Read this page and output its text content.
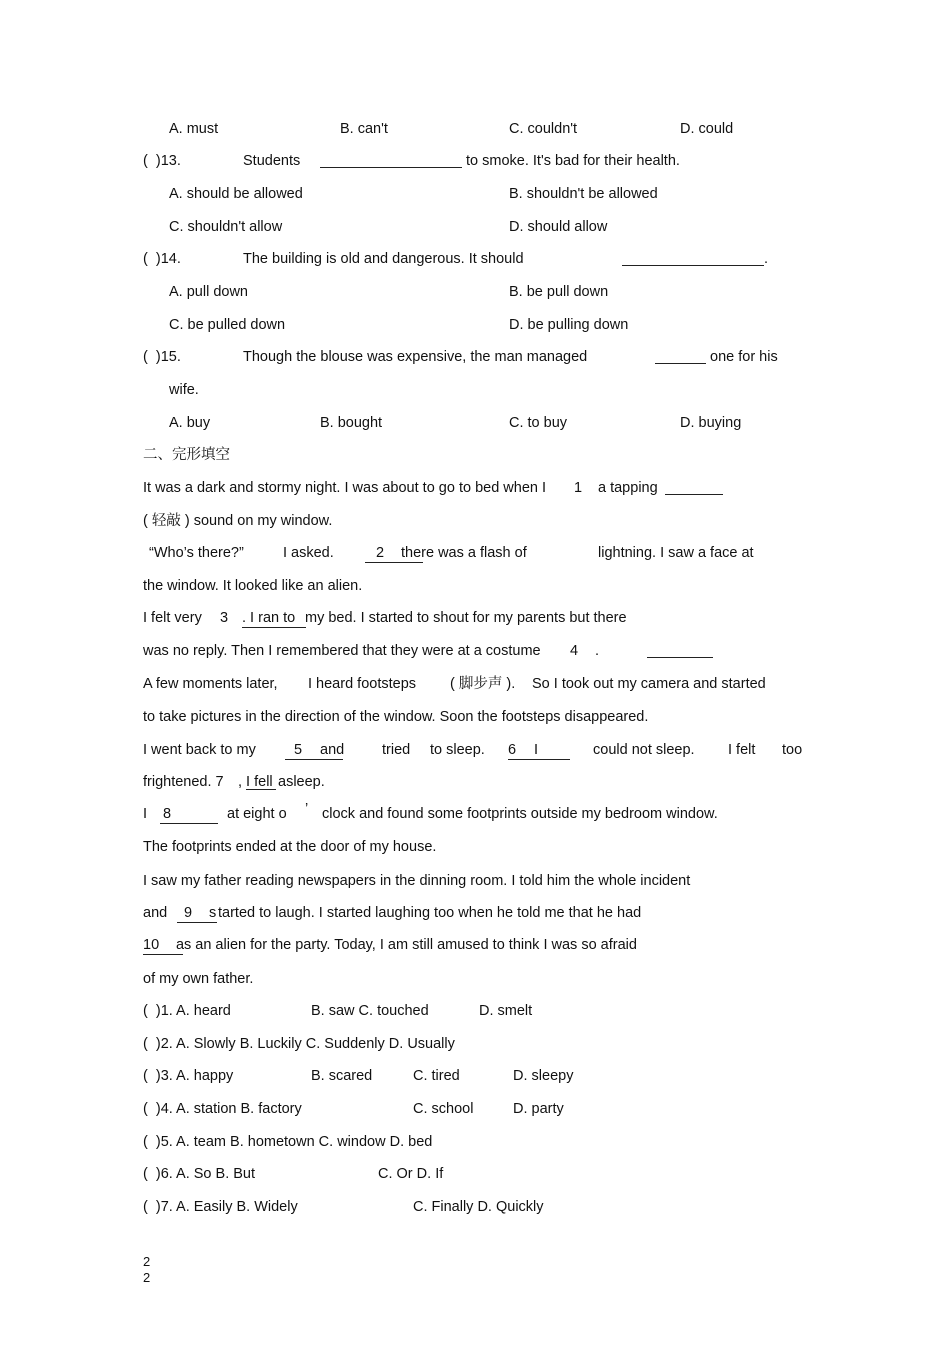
A. must	B. can't	C. couldn't	D. could
(  )13.	Students	to smoke. It's bad for their health.
A. should be allowed	B. shouldn't be allowed
C. shouldn't allow	D. should allow
(  )14.	The building is old and dangerous. It should	.
A. pull down	B. be pull down
C. be pulled down	D. be pulling down
(  )15.	Though the blouse was expensive, the man managed	one for his
wife.
A. buy	B. bought	C. to buy	D. buying
二、完形填空
It was a dark and stormy night. I was about to go to bed when I 1 a tapping
( 轻敲 ) sound on my window.
“Who’s there?”	I asked.	2	there was a flash of	lightning. I saw a face at
the window. It looked like an alien.
I felt very 3 . I ran to my bed. I started to shout for my parents but there
was no reply. Then I remembered that they were at a costume 4 .
A few moments later, I heard footsteps ( 脚步声 ). So I took out my camera and started
to take pictures in the direction of the window. Soon the footsteps disappeared.
I went back to my	5	and	tried to sleep. 6	I	could not sleep. I felt too
frightened. 7 , I fell asleep.
I 8	at eight o ’ clock and found some footprints outside my bedroom window.
The footprints ended at the door of my house.
I saw my father reading newspapers in the dinning room. I told him the whole incident
and	9	s tarted to laugh. I started laughing too when he told me that he had
10	a s an alien for the party. Today, I am still amused to think I was so afraid
of my own father.
(  )1. A. heard	B. saw C. touched	D. smelt
(  )2. A. Slowly B. Luckily C. Suddenly D. Usually
(  )3. A. happy	B. scared	C. tired	D. sleepy
(  )4. A. station B. factory	C. school	D. party
(  )5. A. team B. hometown C. window D. bed
(  )6. A. So B. But	C. Or D. If
(  )7. A. Easily B. Widely	C. Finally D. Quickly
2
2
